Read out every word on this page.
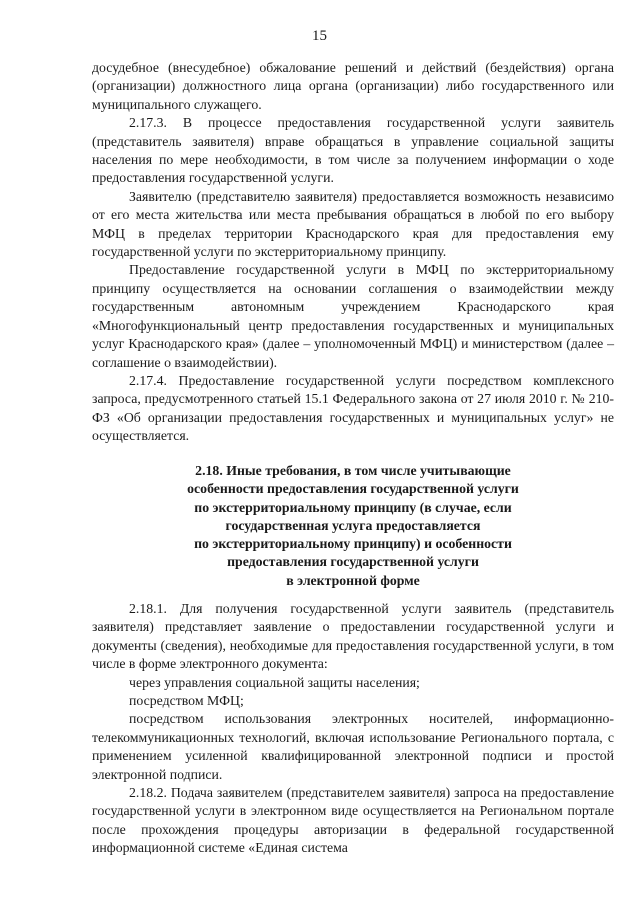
15

досудебное (внесудебное) обжалование решений и действий (бездействия) органа (организации) должностного лица органа (организации) либо государственного или муниципального служащего.

2.17.3. В процессе предоставления государственной услуги заявитель (представитель заявителя) вправе обращаться в управление социальной защиты населения по мере необходимости, в том числе за получением информации о ходе предоставления государственной услуги.

Заявителю (представителю заявителя) предоставляется возможность независимо от его места жительства или места пребывания обращаться в любой по его выбору МФЦ в пределах территории Краснодарского края для предоставления ему государственной услуги по экстерриториальному принципу.

Предоставление государственной услуги в МФЦ по экстерриториальному принципу осуществляется на основании соглашения о взаимодействии между государственным автономным учреждением Краснодарского края «Многофункциональный центр предоставления государственных и муниципальных услуг Краснодарского края» (далее – уполномоченный МФЦ) и министерством (далее – соглашение о взаимодействии).

2.17.4. Предоставление государственной услуги посредством комплексного запроса, предусмотренного статьей 15.1 Федерального закона от 27 июля 2010 г. № 210-ФЗ «Об организации предоставления государственных и муниципальных услуг» не осуществляется.

2.18. Иные требования, в том числе учитывающие
особенности предоставления государственной услуги
по экстерриториальному принципу (в случае, если
государственная услуга предоставляется
по экстерриториальному принципу) и особенности
предоставления государственной услуги
в электронной форме

2.18.1. Для получения государственной услуги заявитель (представитель заявителя) представляет заявление о предоставлении государственной услуги и документы (сведения), необходимые для предоставления государственной услуги, в том числе в форме электронного документа:

через управления социальной защиты населения;

посредством МФЦ;

посредством использования электронных носителей, информационно-телекоммуникационных технологий, включая использование Регионального портала, с применением усиленной квалифицированной электронной подписи и простой электронной подписи.

2.18.2. Подача заявителем (представителем заявителя) запроса на предоставление государственной услуги в электронном виде осуществляется на Региональном портале после прохождения процедуры авторизации в федеральной государственной информационной системе «Единая система
